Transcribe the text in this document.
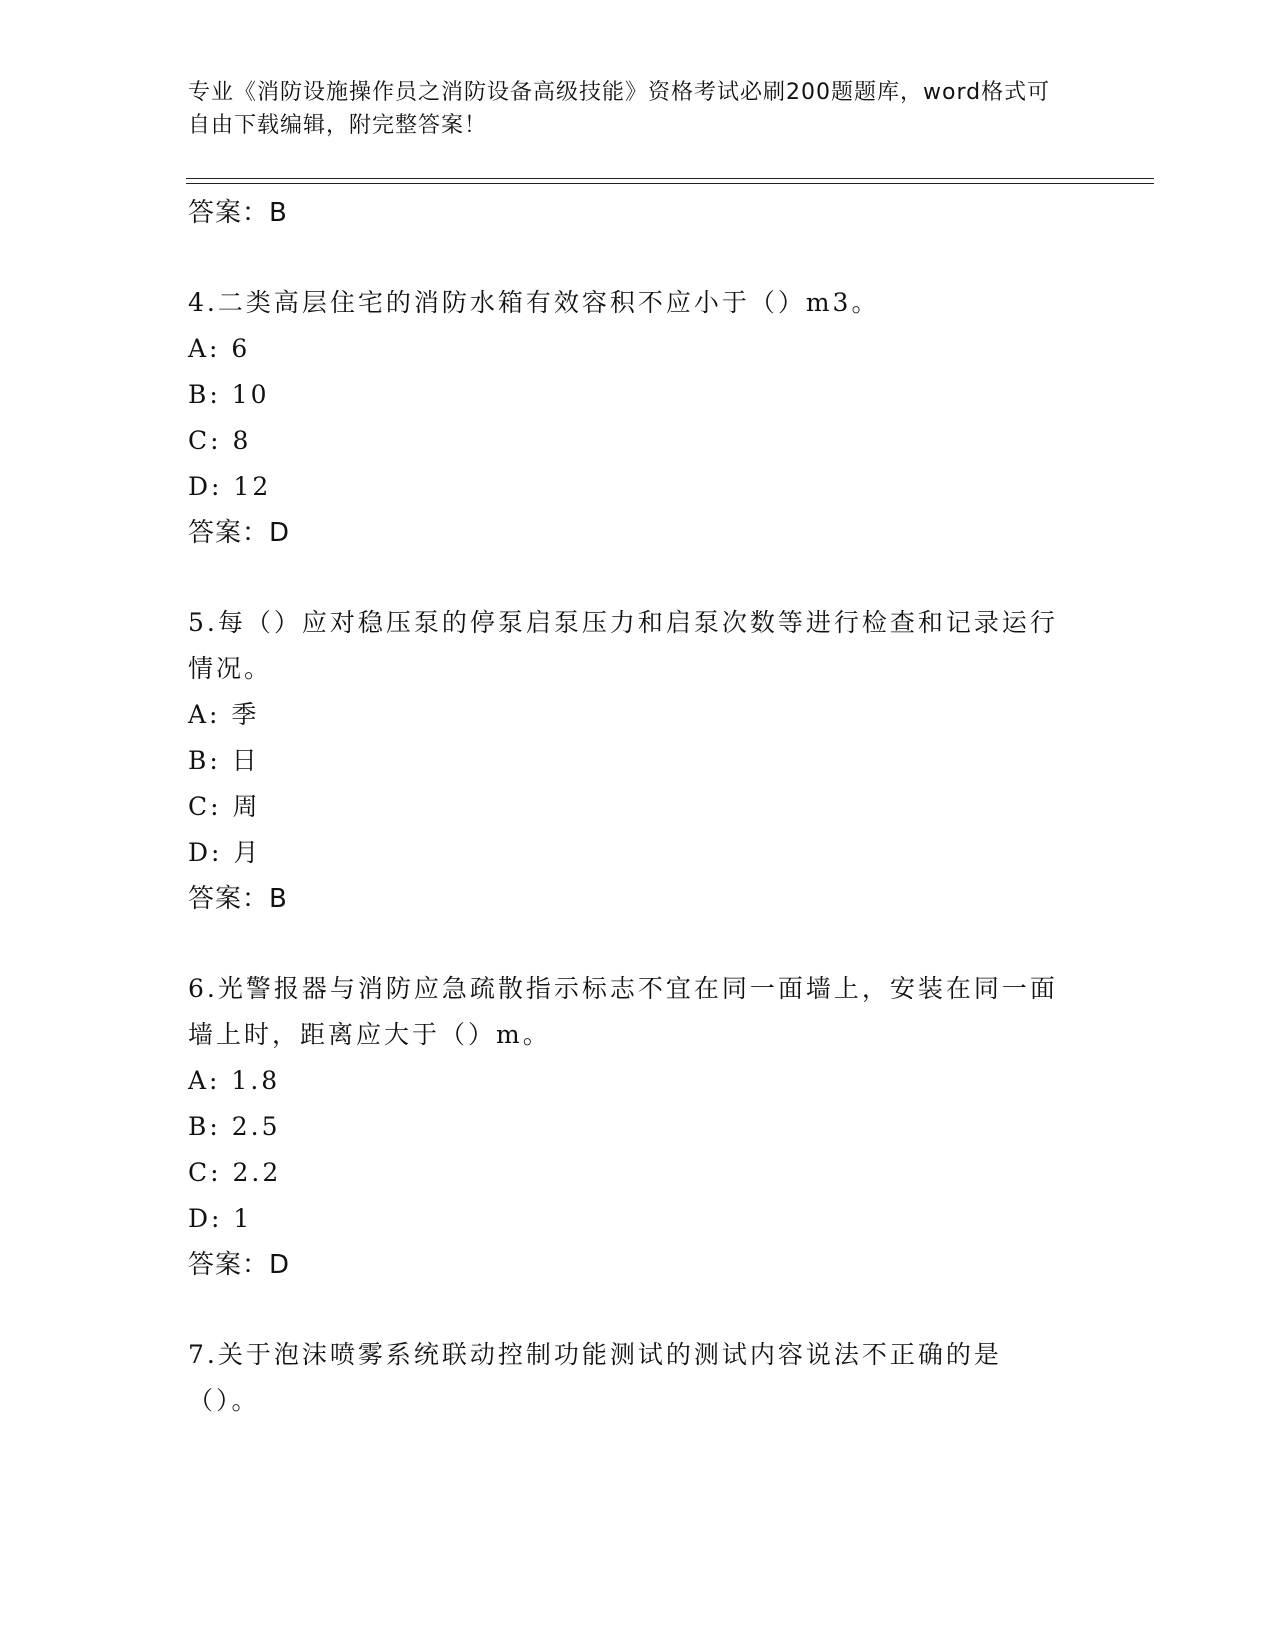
专业《消防设施操作员之消防设备高级技能》资格考试必刷200题题库，word格式可自由下载编辑，附完整答案！

答案：B

4.二类高层住宅的消防水箱有效容积不应小于（）m3。

A: 6

B: 10

C: 8

D: 12

答案：D

5.每（）应对稳压泵的停泵启泵压力和启泵次数等进行检查和记录运行情况。

A: 季

B: 日

C: 周

D: 月

答案：B

6.光警报器与消防应急疏散指示标志不宜在同一面墙上，安装在同一面墙上时，距离应大于（）m。

A: 1.8

B: 2.5

C: 2.2

D: 1

答案：D

7.关于泡沫喷雾系统联动控制功能测试的测试内容说法不正确的是（）。
